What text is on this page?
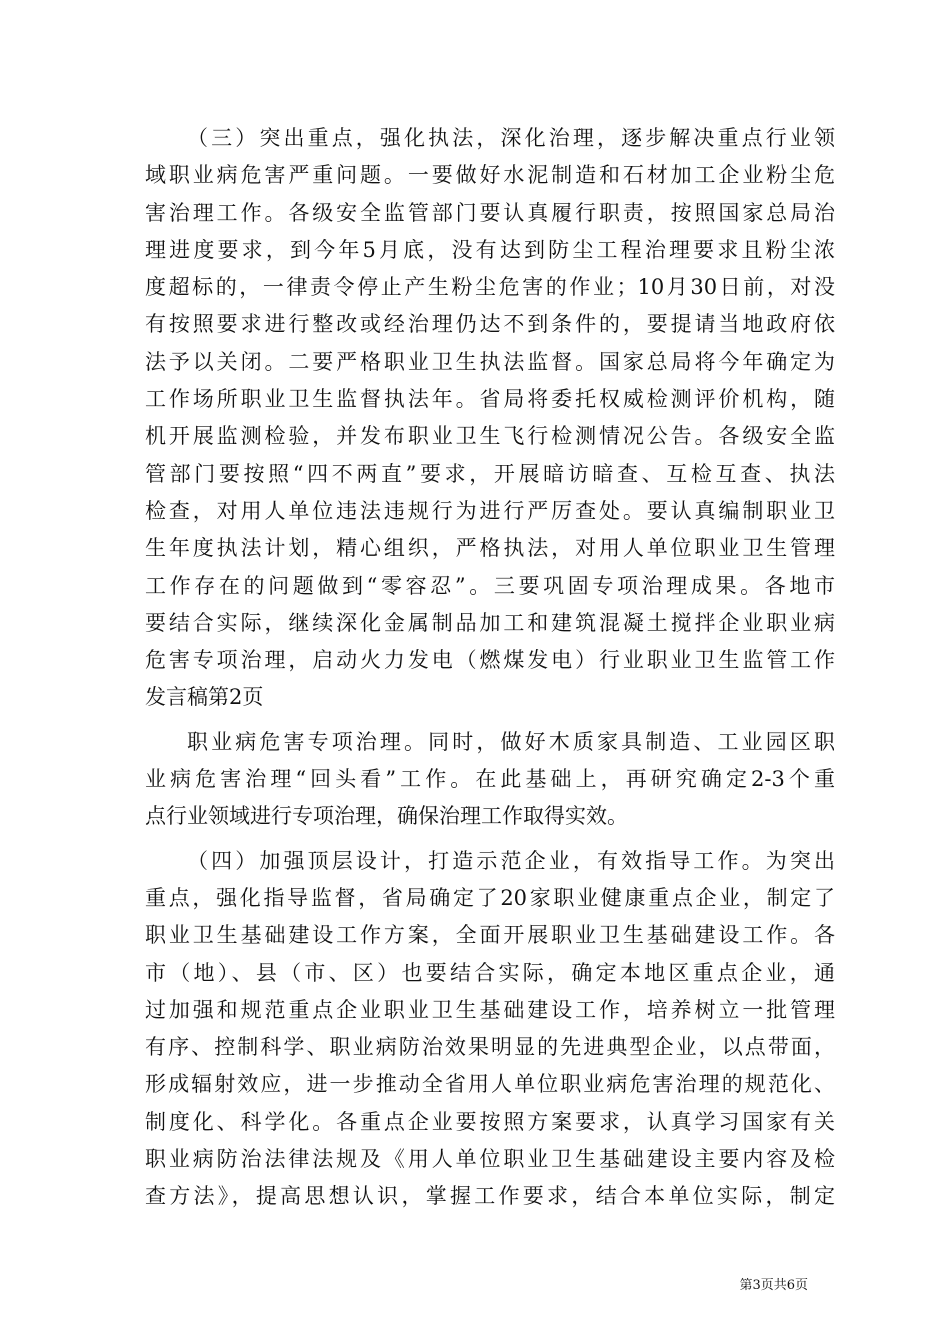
（三）突出重点，强化执法，深化治理，逐步解决重点行业领
域职业病危害严重问题。一要做好水泥制造和石材加工企业粉尘危
害治理工作。各级安全监管部门要认真履行职责，按照国家总局治
理进度要求，到今年5月底，没有达到防尘工程治理要求且粉尘浓
度超标的，一律责令停止产生粉尘危害的作业；10月30日前，对没
有按照要求进行整改或经治理仍达不到条件的，要提请当地政府依
法予以关闭。二要严格职业卫生执法监督。国家总局将今年确定为
工作场所职业卫生监督执法年。省局将委托权威检测评价机构，随
机开展监测检验，并发布职业卫生飞行检测情况公告。各级安全监
管部门要按照“四不两直”要求，开展暗访暗查、互检互查、执法
检查，对用人单位违法违规行为进行严厉查处。要认真编制职业卫
生年度执法计划，精心组织，严格执法，对用人单位职业卫生管理
工作存在的问题做到“零容忍”。三要巩固专项治理成果。各地市
要结合实际，继续深化金属制品加工和建筑混凝土搅拌企业职业病
危害专项治理，启动火力发电（燃煤发电）行业职业卫生监管工作
发言稿第2页
职业病危害专项治理。同时，做好木质家具制造、工业园区职
业病危害治理“回头看”工作。在此基础上，再研究确定2-3个重
点行业领域进行专项治理，确保治理工作取得实效。
（四）加强顶层设计，打造示范企业，有效指导工作。为突出
重点，强化指导监督，省局确定了20家职业健康重点企业，制定了
职业卫生基础建设工作方案，全面开展职业卫生基础建设工作。各
市（地）、县（市、区）也要结合实际，确定本地区重点企业，通
过加强和规范重点企业职业卫生基础建设工作，培养树立一批管理
有序、控制科学、职业病防治效果明显的先进典型企业，以点带面，
形成辐射效应，进一步推动全省用人单位职业病危害治理的规范化、
制度化、科学化。各重点企业要按照方案要求，认真学习国家有关
职业病防治法律法规及《用人单位职业卫生基础建设主要内容及检
查方法》，提高思想认识，掌握工作要求，结合本单位实际，制定
第3页共6页
